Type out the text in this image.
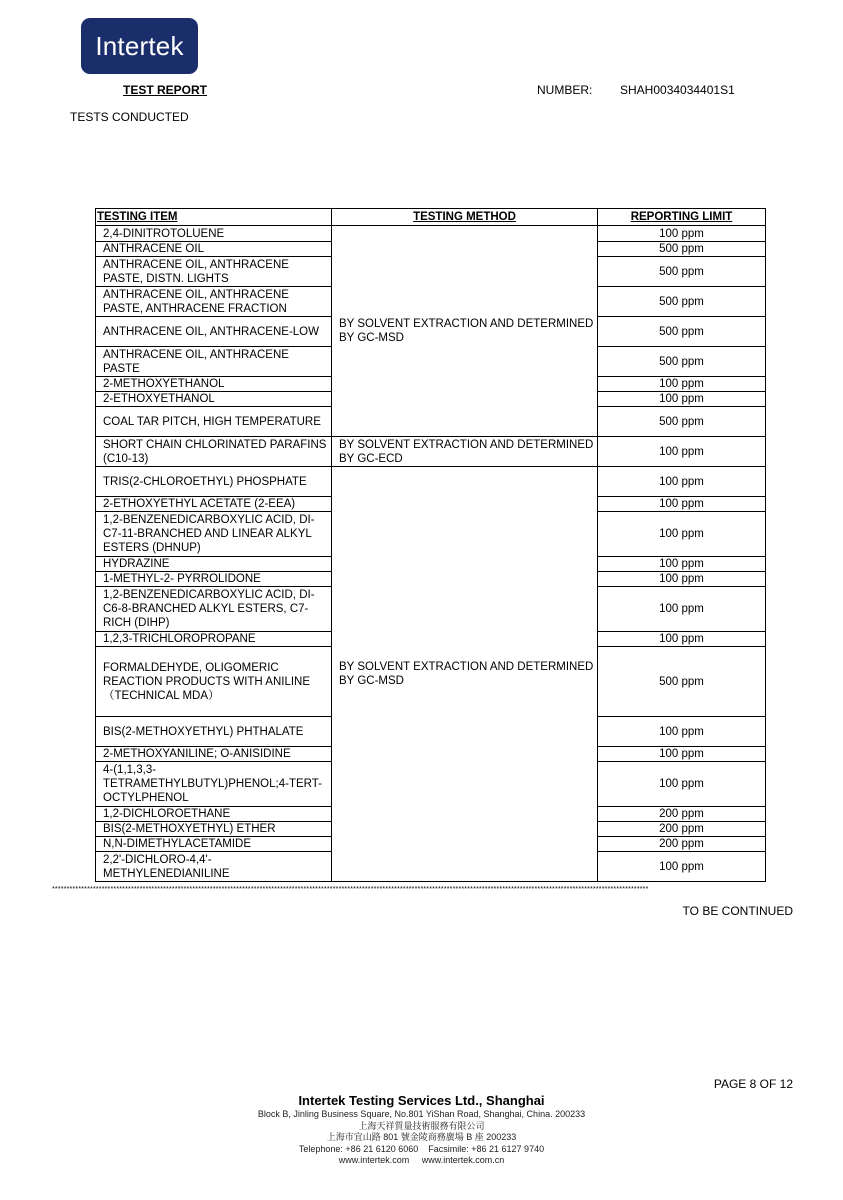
Intertek
TEST REPORT	NUMBER: SHAH0034034401S1
TESTS CONDUCTED
TESTING ITEM	TESTING METHOD	REPORTING LIMIT
2,4-DINITROTOLUENE	BY SOLVENT EXTRACTION AND DETERMINED BY GC-MSD	100 ppm
ANTHRACENE OIL		500 ppm
ANTHRACENE OIL, ANTHRACENE PASTE, DISTN. LIGHTS		500 ppm
ANTHRACENE OIL, ANTHRACENE PASTE, ANTHRACENE FRACTION		500 ppm
ANTHRACENE OIL, ANTHRACENE-LOW		500 ppm
ANTHRACENE OIL, ANTHRACENE PASTE		500 ppm
2-METHOXYETHANOL		100 ppm
2-ETHOXYETHANOL		100 ppm
COAL TAR PITCH, HIGH TEMPERATURE		500 ppm
SHORT CHAIN CHLORINATED PARAFINS (C10-13)	BY SOLVENT EXTRACTION AND DETERMINED BY GC-ECD	100 ppm
TRIS(2-CHLOROETHYL) PHOSPHATE	BY SOLVENT EXTRACTION AND DETERMINED BY GC-MSD	100 ppm
2-ETHOXYETHYL ACETATE (2-EEA)		100 ppm
1,2-BENZENEDICARBOXYLIC ACID, DI-C7-11-BRANCHED AND LINEAR ALKYL ESTERS (DHNUP)		100 ppm
HYDRAZINE		100 ppm
1-METHYL-2- PYRROLIDONE		100 ppm
1,2-BENZENEDICARBOXYLIC ACID, DI-C6-8-BRANCHED ALKYL ESTERS, C7-RICH (DIHP)		100 ppm
1,2,3-TRICHLOROPROPANE		100 ppm
FORMALDEHYDE, OLIGOMERIC REACTION PRODUCTS WITH ANILINE（TECHNICAL MDA）		500 ppm
BIS(2-METHOXYETHYL) PHTHALATE		100 ppm
2-METHOXYANILINE; O-ANISIDINE		100 ppm
4-(1,1,3,3-TETRAMETHYLBUTYL)PHENOL;4-TERT-OCTYLPHENOL		100 ppm
1,2-DICHLOROETHANE		200 ppm
BIS(2-METHOXYETHYL) ETHER		200 ppm
N,N-DIMETHYLACETAMIDE		200 ppm
2,2'-DICHLORO-4,4'-METHYLENEDIANILINE		100 ppm
************************************************************************************************************************************************************************************************************
TO BE CONTINUED
PAGE 8 OF 12
Intertek Testing Services Ltd., Shanghai
Block B, Jinling Business Square, No.801 YiShan Road, Shanghai, China. 200233
上海天祥質量技術服務有限公司
上海市宜山路 801 號金陵商務廣場 B 座 200233
Telephone: +86 21 6120 6060    Facsimile: +86 21 6127 9740
www.intertek.com     www.intertek.com.cn
